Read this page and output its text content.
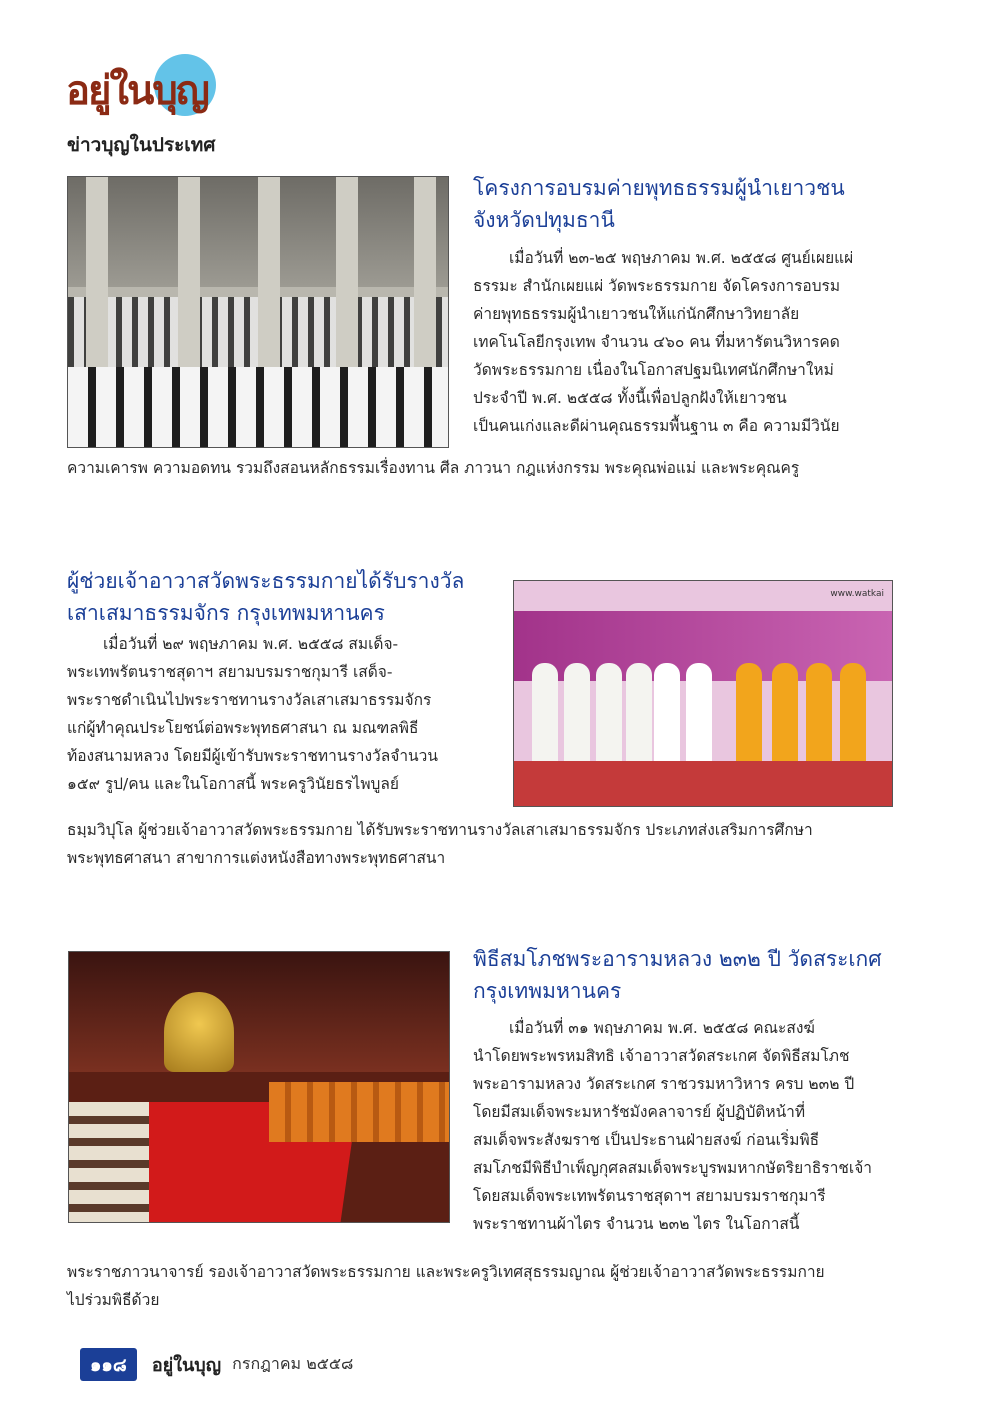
อยู่ในบุญ
ข่าวบุญในประเทศ
โครงการอบรมค่ายพุทธธรรมผู้นำเยาวชน
จังหวัดปทุมธานี

เมื่อวันที่ ๒๓-๒๕ พฤษภาคม พ.ศ. ๒๕๕๘ ศูนย์เผยแผ่

ธรรมะ สำนักเผยแผ่ วัดพระธรรมกาย จัดโครงการอบรม

ค่ายพุทธธรรมผู้นำเยาวชนให้แก่นักศึกษาวิทยาลัย

เทคโนโลยีกรุงเทพ จำนวน ๔๖๐ คน ที่มหารัตนวิหารคด

วัดพระธรรมกาย เนื่องในโอกาสปฐมนิเทศนักศึกษาใหม่

ประจำปี พ.ศ. ๒๕๕๘ ทั้งนี้เพื่อปลูกฝังให้เยาวชน

เป็นคนเก่งและดีผ่านคุณธรรมพื้นฐาน ๓ คือ ความมีวินัย

ความเคารพ ความอดทน รวมถึงสอนหลักธรรมเรื่องทาน ศีล ภาวนา กฎแห่งกรรม พระคุณพ่อแม่ และพระคุณครู

ผู้ช่วยเจ้าอาวาสวัดพระธรรมกายได้รับรางวัล
เสาเสมาธรรมจักร กรุงเทพมหานคร

เมื่อวันที่ ๒๙ พฤษภาคม พ.ศ. ๒๕๕๘ สมเด็จ-

พระเทพรัตนราชสุดาฯ สยามบรมราชกุมารี เสด็จ-

พระราชดำเนินไปพระราชทานรางวัลเสาเสมาธรรมจักร

แก่ผู้ทำคุณประโยชน์ต่อพระพุทธศาสนา ณ มณฑลพิธี

ท้องสนามหลวง โดยมีผู้เข้ารับพระราชทานรางวัลจำนวน

๑๕๙ รูป/คน และในโอกาสนี้ พระครูวินัยธรไพบูลย์

www.watkai

ธมฺมวิปุโล ผู้ช่วยเจ้าอาวาสวัดพระธรรมกาย ได้รับพระราชทานรางวัลเสาเสมาธรรมจักร ประเภทส่งเสริมการศึกษา

พระพุทธศาสนา สาขาการแต่งหนังสือทางพระพุทธศาสนา

พิธีสมโภชพระอารามหลวง ๒๓๒ ปี วัดสระเกศ
กรุงเทพมหานคร

เมื่อวันที่ ๓๑ พฤษภาคม พ.ศ. ๒๕๕๘ คณะสงฆ์

นำโดยพระพรหมสิทธิ เจ้าอาวาสวัดสระเกศ จัดพิธีสมโภช

พระอารามหลวง วัดสระเกศ ราชวรมหาวิหาร ครบ ๒๓๒ ปี

โดยมีสมเด็จพระมหารัชมังคลาจารย์ ผู้ปฏิบัติหน้าที่

สมเด็จพระสังฆราช เป็นประธานฝ่ายสงฆ์ ก่อนเริ่มพิธี

สมโภชมีพิธีบำเพ็ญกุศลสมเด็จพระบูรพมหากษัตริยาธิราชเจ้า

โดยสมเด็จพระเทพรัตนราชสุดาฯ สยามบรมราชกุมารี

พระราชทานผ้าไตร จำนวน ๒๓๒ ไตร ในโอกาสนี้

พระราชภาวนาจารย์ รองเจ้าอาวาสวัดพระธรรมกาย และพระครูวิเทศสุธรรมญาณ ผู้ช่วยเจ้าอาวาสวัดพระธรรมกาย

ไปร่วมพิธีด้วย

๑๑๘ อยู่ในบุญ กรกฎาคม ๒๕๕๘
